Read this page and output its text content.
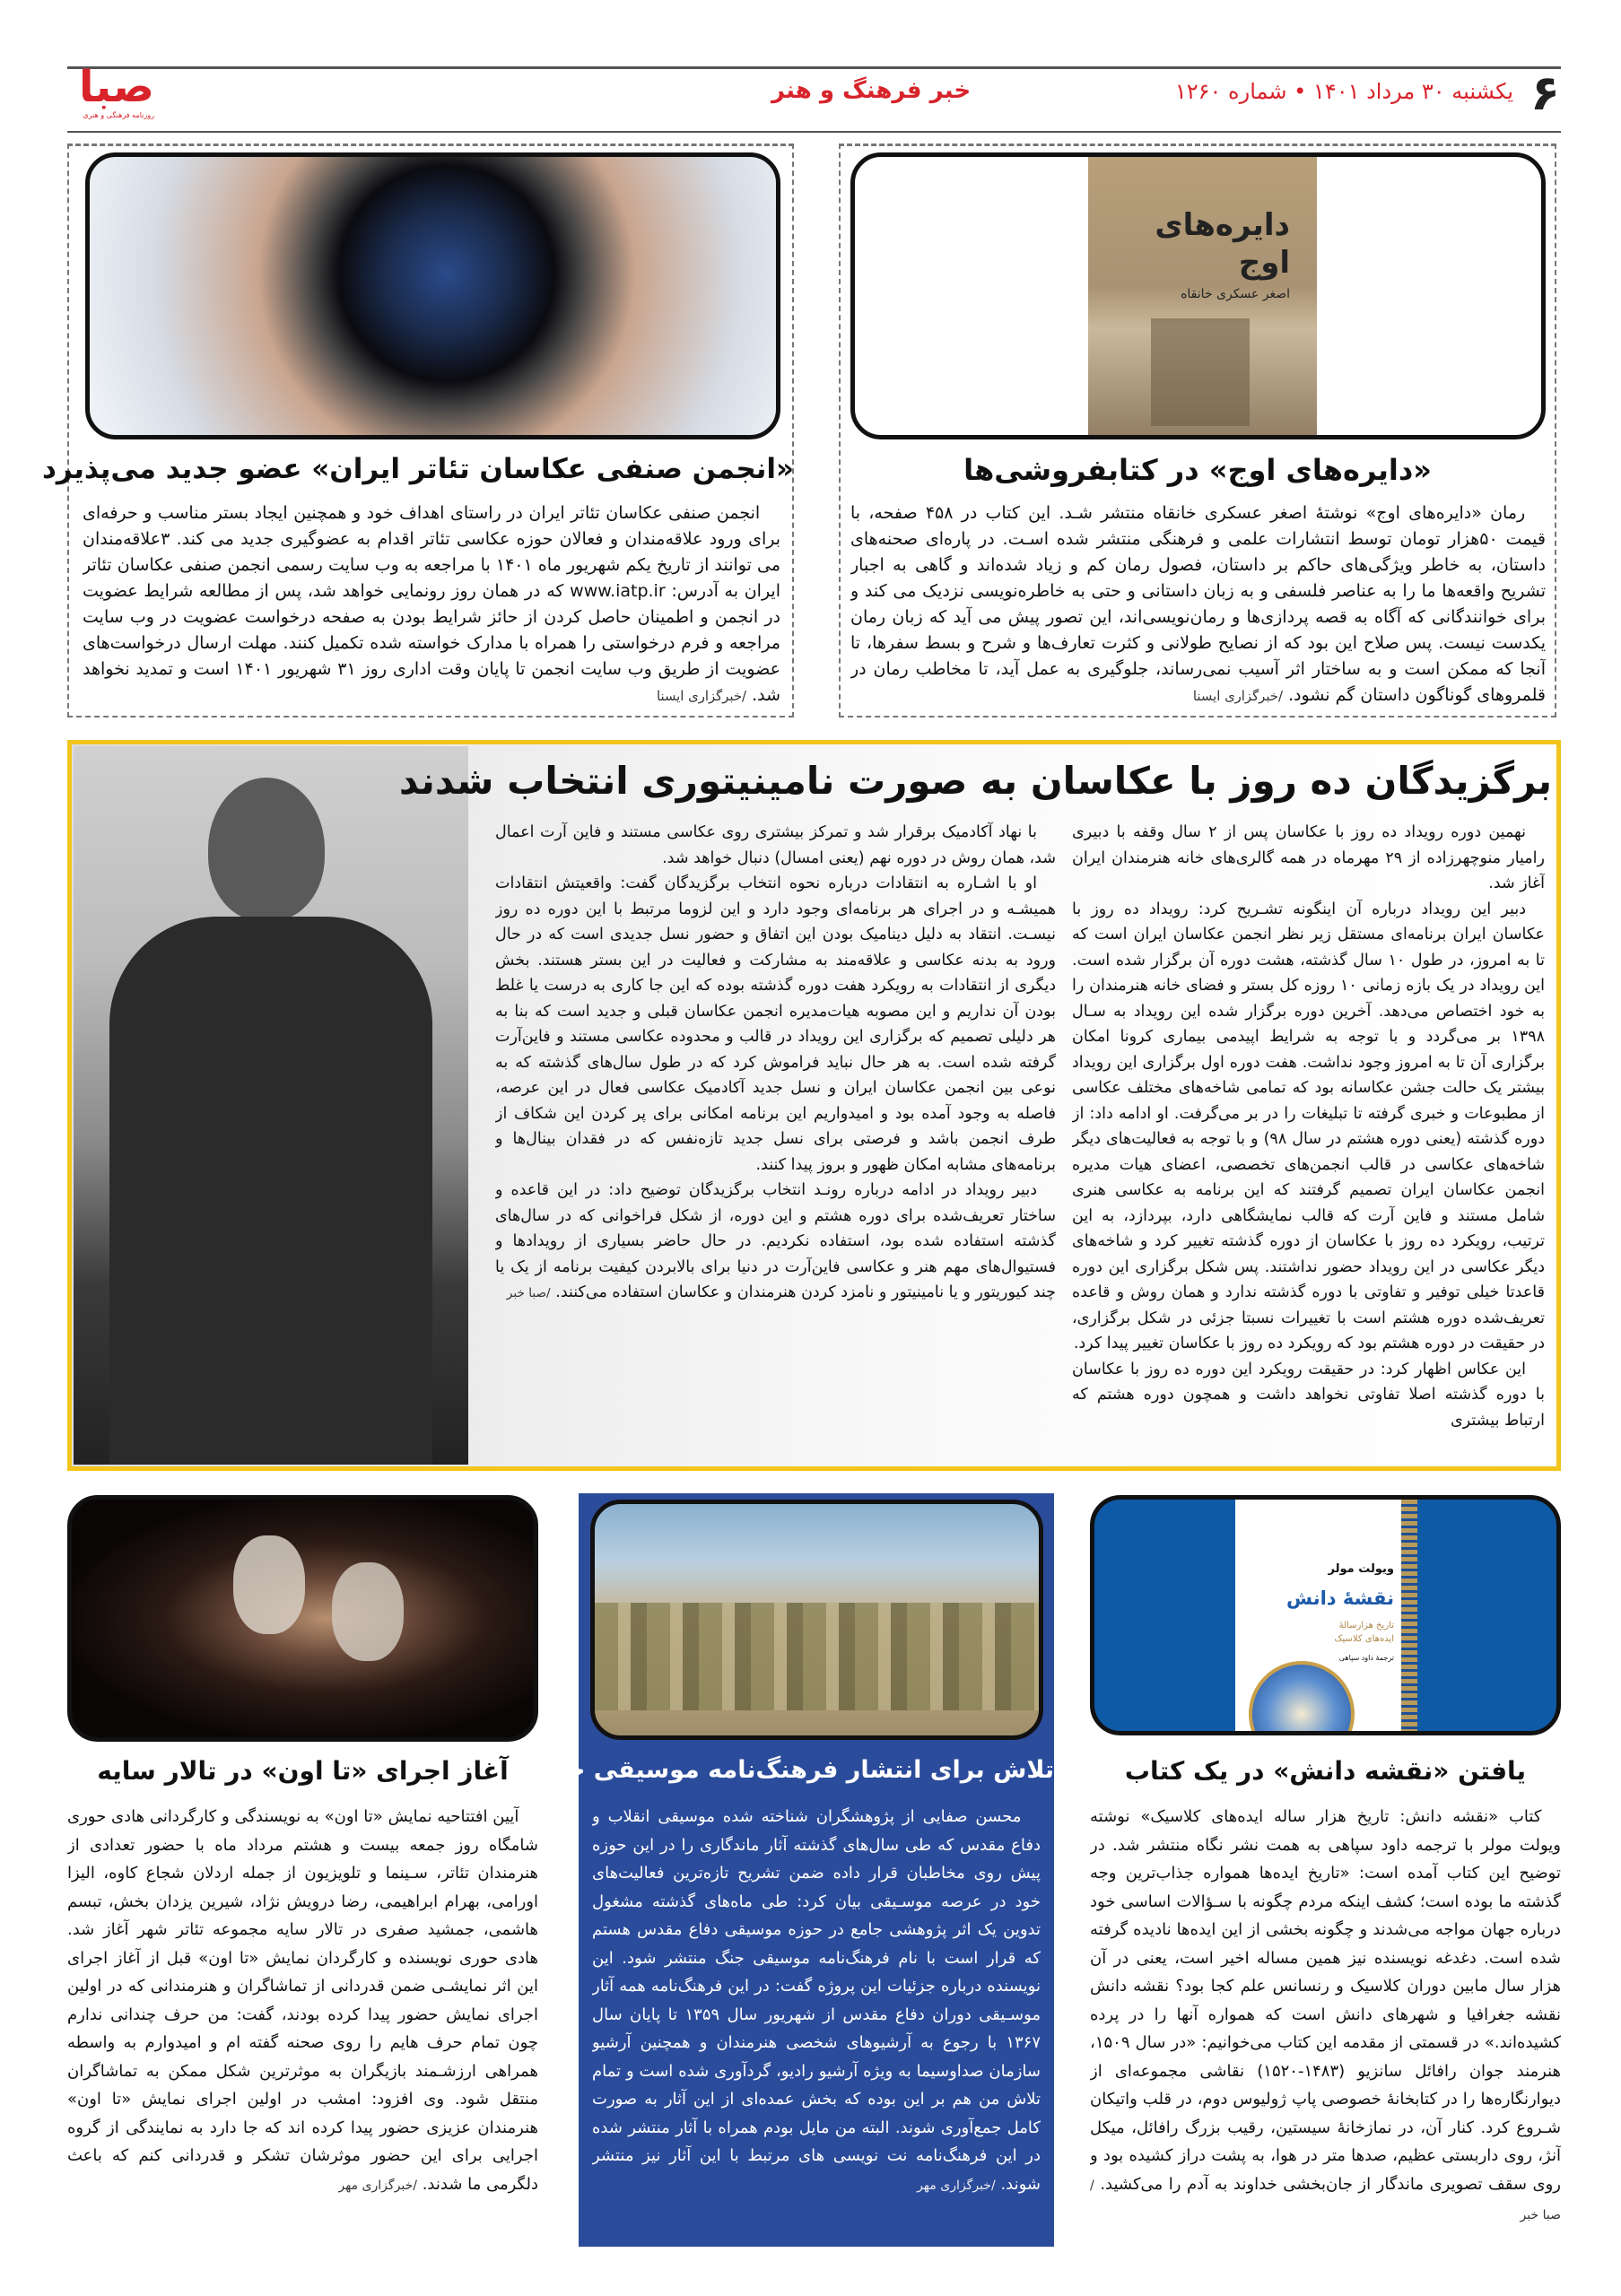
۶
یکشنبه ۳۰ مرداد ۱۴۰۱ • شماره ۱۲۶۰
خبر فرهنگ و هنر
صبا
روزنامه فرهنگی و هنری
دایره‌های اوج
اصغر عسکری خانقاه
«دایره‌های اوج» در کتابفروشی‌ها

رمان «دایره‌های اوج» نوشتهٔ اصغر عسکری خانقاه منتشر شـد. این کتاب در ۴۵۸ صفحه، با قیمت ۵۰هزار تومان توسط انتشارات علمی و فرهنگی منتشر شده اسـت. در پاره‌ای صحنه‌های داستان، به خاطر ویژگی‌های حاکم بر داستان، فصول رمان کم و زیاد شده‌اند و گاهی به اجبار تشریح واقعه‌ها ما را به عناصر فلسفی و به زبان داستانی و حتی به خاطره‌نویسی نزدیک می کند و برای خوانندگانی که آگاه به قصه پردازی‌ها و رمان‌نویسی‌اند، این تصور پیش می آید که زبان رمان یکدست نیست. پس صلاح این بود که از نصایح طولانی و کثرت تعارف‌ها و شرح و بسط سفرها، تا آنجا که ممکن است و به ساختار اثر آسیب نمی‌رساند، جلوگیری به عمل آید، تا مخاطب رمان در قلمروهای گوناگون داستان گم نشود. /خبرگزاری ایسنا

«انجمن صنفی عکاسان تئاتر ایران» عضو جدید می‌پذیرد

انجمن صنفی عکاسان تئاتر ایران در راستای اهداف خود و همچنین ایجاد بستر مناسب و حرفه‌ای برای ورود علاقه‌مندان و فعالان حوزه عکاسی تئاتر اقدام به عضوگیری جدید می کند. ۳علاقه‌مندان می توانند از تاریخ یکم شهریور ماه ۱۴۰۱ با مراجعه به وب سایت رسمی انجمن صنفی عکاسان تئاتر ایران به آدرس: www.iatp.ir که در همان روز رونمایی خواهد شد، پس از مطالعه شرایط عضویت در انجمن و اطمینان حاصل کردن از حائز شرایط بودن به صفحه درخواست عضویت در وب سایت مراجعه و فرم درخواستی را همراه با مدارک خواسته شده تکمیل کنند. مهلت ارسال درخواست‌های عضویت از طریق وب سایت انجمن تا پایان وقت اداری روز ۳۱ شهریور ۱۴۰۱ است و تمدید نخواهد شد. /خبرگزاری ایسنا

برگزیدگان ده روز با عکاسان به صورت نامینیتوری انتخاب شدند

نهمین دوره رویداد ده روز با عکاسان پس از ۲ سال وقفه با دبیری رامیار منوچهرزاده از ۲۹ مهرماه در همه گالری‌های خانه هنرمندان ایران آغاز شد.

دبیر این رویداد درباره آن اینگونه تشـریح کرد: رویداد ده روز با عکاسان ایران برنامه‌ای مستقل زیر نظر انجمن عکاسان ایران است که تا به امروز، در طول ۱۰ سال گذشته، هشت دوره آن برگزار شده است. این رویداد در یک بازه زمانی ۱۰ روزه کل بستر و فضای خانه هنرمندان را به خود اختصاص می‌دهد. آخرین دوره برگزار شده این رویداد به سـال ۱۳۹۸ بر می‌گردد و با توجه به شرایط اپیدمی بیماری کرونا امکان برگزاری آن تا به امروز وجود نداشت. هفت دوره اول برگزاری این رویداد بیشتر یک حالت جشن عکاسانه بود که تمامی شاخه‌های مختلف عکاسی از مطبوعات و خبری گرفته تا تبلیغات را در بر می‌گرفت. او ادامه داد: از دوره گذشته (یعنی دوره هشتم در سال ۹۸) و با توجه به فعالیت‌های دیگر شاخه‌های عکاسی در قالب انجمن‌های تخصصی، اعضای هیات مدیره انجمن عکاسان ایران تصمیم گرفتند که این برنامه به عکاسی هنری شامل مستند و فاین آرت که قالب نمایشگاهی دارد، بپردازد، به این ترتیب، رویکرد ده روز با عکاسان از دوره گذشته تغییر کرد و شاخه‌های دیگر عکاسی در این رویداد حضور نداشتند. پس شکل برگزاری این دوره قاعدتا خیلی توفیر و تفاوتی با دوره گذشته ندارد و همان روش و قاعده تعریف‌شده دوره هشتم است با تغییرات نسبتا جزئی در شکل برگزاری، در حقیقت در دوره هشتم بود که رویکرد ده روز با عکاسان تغییر پیدا کرد.

این عکاس اظهار کرد: در حقیقت رویکرد این دوره ده روز با عکاسان با دوره گذشته اصلا تفاوتی نخواهد داشت و همچون دوره هشتم که ارتباط بیشتری

با نهاد آکادمیک برقرار شد و تمرکز بیشتری روی عکاسی مستند و فاین آرت اعمال شد، همان روش در دوره نهم (یعنی امسال) دنبال خواهد شد.

او با اشـاره به انتقادات درباره نحوه انتخاب برگزیدگان گفت: واقعیتش انتقادات همیشـه و در اجرای هر برنامه‌ای وجود دارد و این لزوما مرتبط با این دوره ده روز نیسـت. انتقاد به دلیل دینامیک بودن این اتفاق و حضور نسل جدیدی است که در حال ورود به بدنه عکاسی و علاقه‌مند به مشارکت و فعالیت در این بستر هستند. بخش دیگری از انتقادات به رویکرد هفت دوره گذشته بوده که این جا کاری به درست یا غلط بودن آن نداریم و این مصوبه هیات‌مدیره انجمن عکاسان قبلی و جدید است که بنا به هر دلیلی تصمیم که برگزاری این رویداد در قالب و محدوده عکاسی مستند و فاین‌آرت گرفته شده است. به هر حال نباید فراموش کرد که در طول سال‌های گذشته که به نوعی بین انجمن عکاسان ایران و نسل جدید آکادمیک عکاسی فعال در این عرصه، فاصله به وجود آمده بود و امیدواریم این برنامه امکانی برای پر کردن این شکاف از طرف انجمن باشد و فرصتی برای نسل جدید تازه‌نفس که در فقدان بینال‌ها و برنامه‌های مشابه امکان ظهور و بروز پیدا کنند.

دبیر رویداد در ادامه درباره رونـد انتخاب برگزیدگان توضیح داد: در این قاعده و ساختار تعریف‌شده برای دوره هشتم و این دوره، از شکل فراخوانی که در سال‌های گذشته استفاده شده بود، استفاده نکردیم. در حال حاضر بسیاری از رویدادها و فستیوال‌های مهم هنر و عکاسی فاین‌آرت در دنیا برای بالابردن کیفیت برنامه از یک یا چند کیوریتور و یا نامینیتور و نامزد کردن هنرمندان و عکاسان استفاده می‌کنند. /صبا خبر

ویولت مولر
نقشهٔ دانش
تاریخ هزارسالهٔ
ایده‌های کلاسیک
ترجمهٔ داود سپاهی
یافتن «نقشه دانش» در یک کتاب

کتاب «نقشه دانش: تاریخ هزار ساله ایده‌های کلاسیک» نوشته ویولت مولر با ترجمه داود سپاهی به همت نشر نگاه منتشر شد. در توضیح این کتاب آمده است: «تاریخ ایده‌ها همواره جذاب‌ترین وجه گذشته ما بوده است؛ کشف اینکه مردم چگونه با سـؤالات اساسی خود درباره جهان مواجه می‌شدند و چگونه بخشی از این ایده‌ها نادیده گرفته شده است. دغدغه نویسنده نیز همین مساله اخیر است، یعنی در آن هزار سال مابین دوران کلاسیک و رنسانس علم کجا بود؟ نقشه دانش نقشه جغرافیا و شهرهای دانش است که همواره آنها را در پرده کشیده‌اند.» در قسمتی از مقدمه این کتاب می‌خوانیم: «در سال ۱۵۰۹، هنرمند جوان رافائل سانزیو (۱۴۸۳-۱۵۲۰) نقاشی مجموعه‌ای از دیوارنگاره‌ها را در کتابخانهٔ خصوصی پاپ ژولیوس دوم، در قلب واتیکان شـروع کرد. کنار آن، در نمازخانهٔ سیستین، رقیب بزرگ رافائل، میکل آنژ، روی داربستی عظیم، صدها متر در هوا، به پشت دراز کشیده بود و روی سقف تصویری ماندگار از جان‌بخشی خداوند به آدم را می‌کشید. /صبا خبر

تلاش برای انتشار فرهنگ‌نامه موسیقی جنگ

محسن صفایی از پژوهشگران شناخته شده موسیقی انقلاب و دفاع مقدس که طی سال‌های گذشته آثار ماندگاری را در این حوزه پیش روی مخاطبان قرار داده ضمن تشریح تازه‌ترین فعالیت‌های خود در عرصه موسـیقی بیان کرد: طی ماه‌های گذشته مشغول تدوین یک اثر پژوهشی جامع در حوزه موسیقی دفاع مقدس هستم که قرار است با نام فرهنگ‌نامه موسیقی جنگ منتشر شود. این نویسنده درباره جزئیات این پروژه گفت: در این فرهنگ‌نامه همه آثار موسـیقی دوران دفاع مقدس از شهریور سال ۱۳۵۹ تا پایان سال ۱۳۶۷ با رجوع به آرشیوهای شخصی هنرمندان و همچنین آرشیو سازمان صداوسیما به ویژه آرشیو رادیو، گردآوری شده است و تمام تلاش من هم بر این بوده که بخش عمده‌ای از این آثار به صورت کامل جمع‌آوری شوند. البته من مایل بودم همراه با آثار منتشر شده در این فرهنگ‌نامه نت نویسی های مرتبط با این آثار نیز منتشر شوند. /خبرگزاری مهر

آغاز اجرای «تا اون» در تالار سایه

آیین افتتاحیه نمایش «تا اون» به نویسندگی و کارگردانی هادی حوری شامگاه روز جمعه بیست و هشتم مرداد ماه با حضور تعدادی از هنرمندان تئاتر، سـینما و تلویزیون از جمله اردلان شجاع کاوه، الیزا اورامی، بهرام ابراهیمی، رضا درویش نژاد، شیرین یزدان بخش، تبسم هاشمی، جمشید صفری در تالار سایه مجموعه تئاتر شهر آغاز شد. هادی حوری نویسنده و کارگردان نمایش «تا اون» قبل از آغاز اجرای این اثر نمایشـی ضمن قدردانی از تماشاگران و هنرمندانی که در اولین اجرای نمایش حضور پیدا کرده بودند، گفت: من حرف چندانی ندارم چون تمام حرف هایم را روی صحنه گفته ام و امیدوارم به واسطه همراهی ارزشـمند بازیگران به موثرترین شکل ممکن به تماشاگران منتقل شود. وی افزود: امشب در اولین اجرای نمایش «تا اون» هنرمندان عزیزی حضور پیدا کرده اند که جا دارد به نمایندگی از گروه اجرایی برای این حضور موثرشان تشکر و قدردانی کنم که باعث دلگرمی ما شدند. /خبرگزاری مهر
